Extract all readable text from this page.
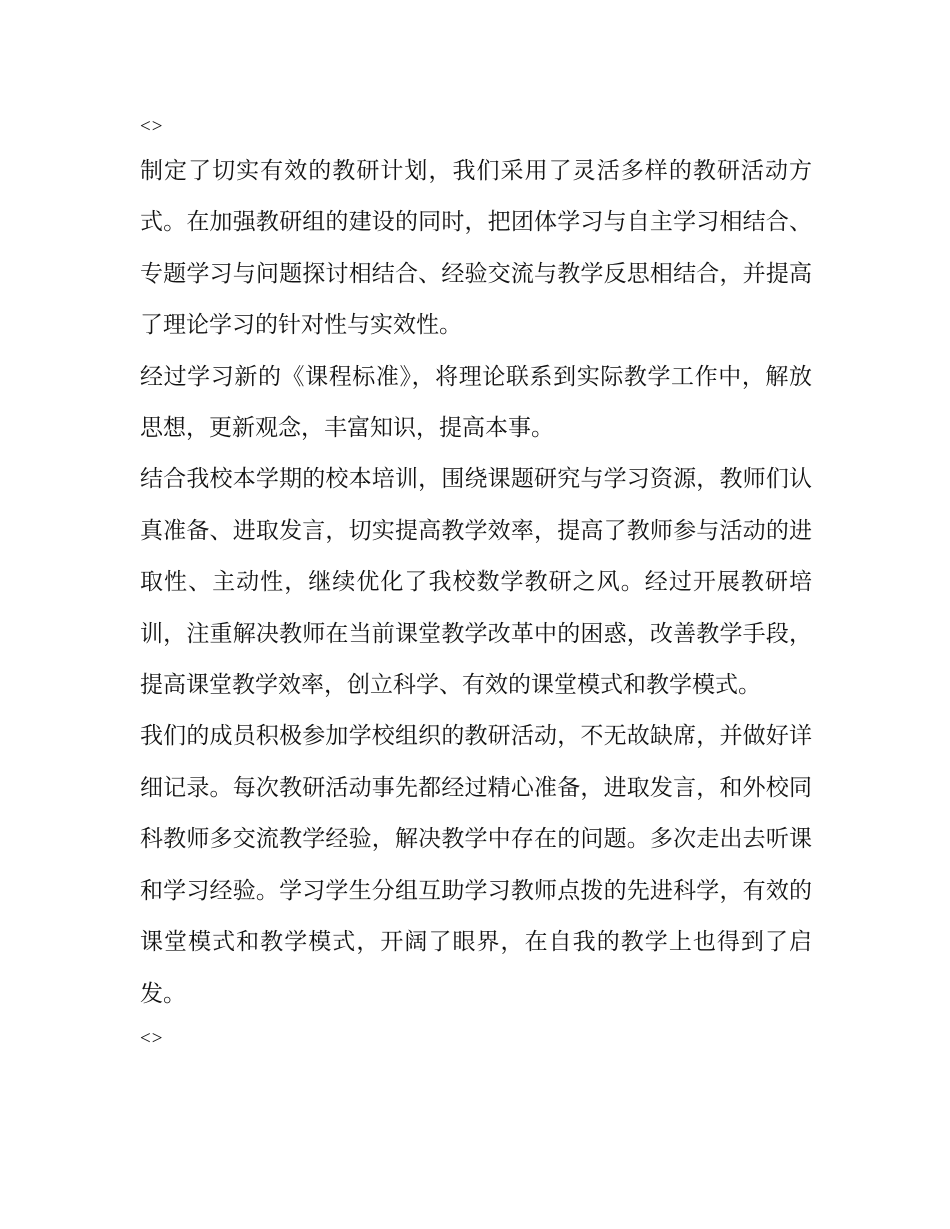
<>

制定了切实有效的教研计划，我们采用了灵活多样的教研活动方式。在加强教研组的建设的同时，把团体学习与自主学习相结合、专题学习与问题探讨相结合、经验交流与教学反思相结合，并提高了理论学习的针对性与实效性。

经过学习新的《课程标准》，将理论联系到实际教学工作中，解放思想，更新观念，丰富知识，提高本事。

结合我校本学期的校本培训，围绕课题研究与学习资源，教师们认真准备、进取发言，切实提高教学效率，提高了教师参与活动的进取性、主动性，继续优化了我校数学教研之风。经过开展教研培训，注重解决教师在当前课堂教学改革中的困惑，改善教学手段，提高课堂教学效率，创立科学、有效的课堂模式和教学模式。

我们的成员积极参加学校组织的教研活动，不无故缺席，并做好详细记录。每次教研活动事先都经过精心准备，进取发言，和外校同科教师多交流教学经验，解决教学中存在的问题。多次走出去听课和学习经验。学习学生分组互助学习教师点拨的先进科学，有效的课堂模式和教学模式，开阔了眼界，在自我的教学上也得到了启发。

<>
